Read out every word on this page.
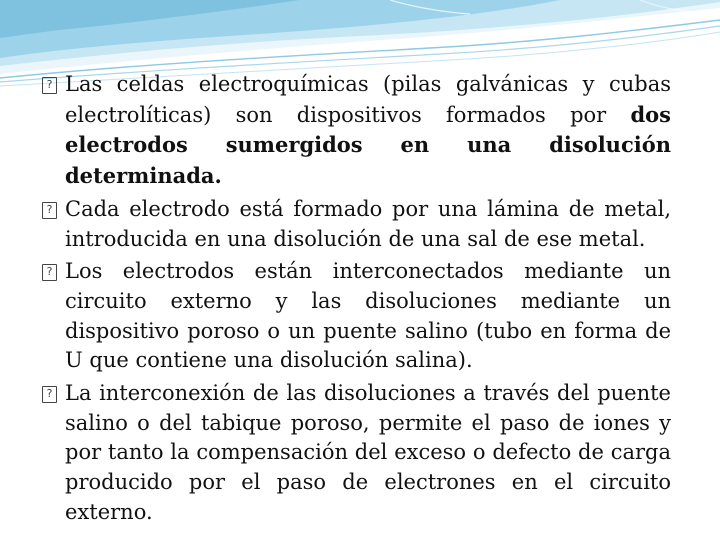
?
Las celdas electroquímicas (pilas galvánicas y cubas electrolíticas) son dispositivos formados por dos electrodos sumergidos en una disolución determinada.

?
Cada electrodo está formado por una lámina de metal, introducida en una disolución de una sal de ese metal.

?
Los electrodos están interconectados mediante un circuito externo y las disoluciones mediante un dispositivo poroso o un puente salino (tubo en forma de U que contiene una disolución salina).

?
La interconexión de las disoluciones a través del puente salino o del tabique poroso, permite el paso de iones y por tanto la compensación del exceso o defecto de carga producido por el paso de electrones en el circuito externo.
